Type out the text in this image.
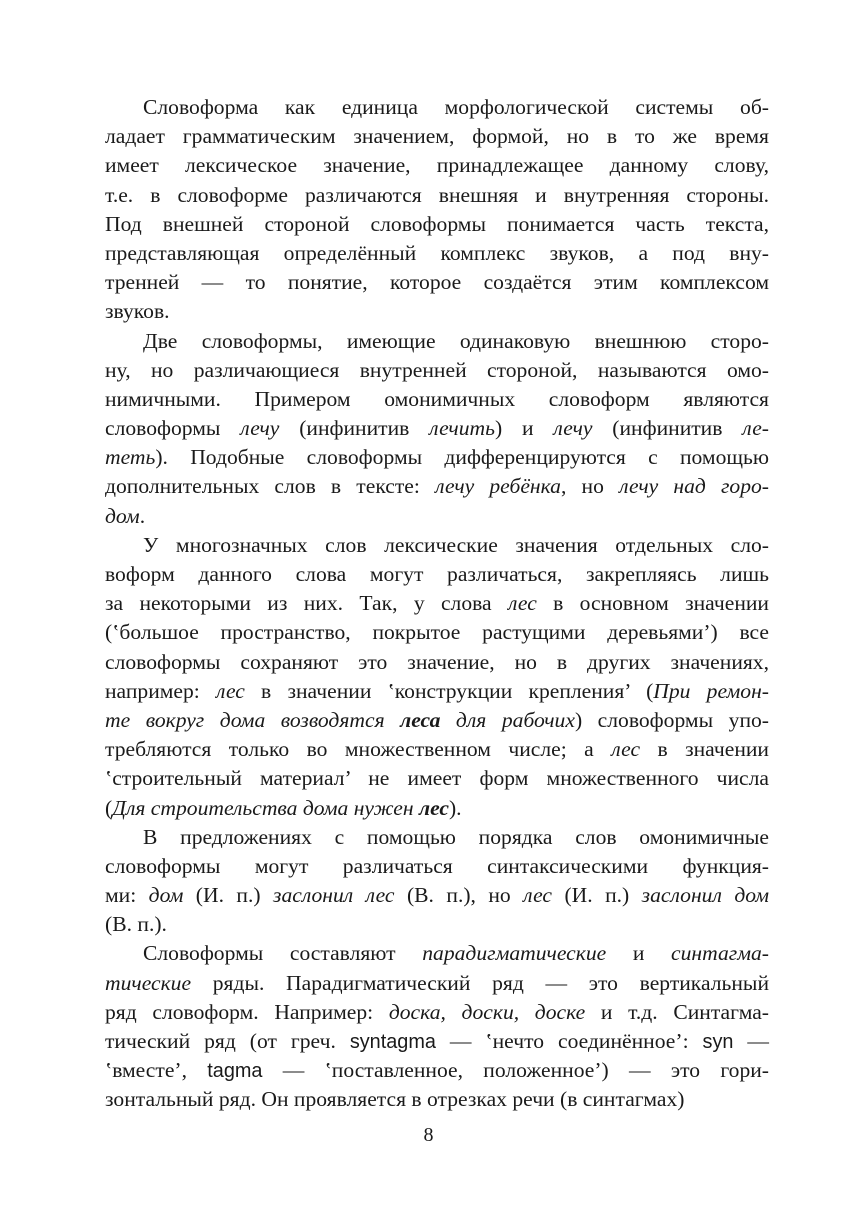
Словоформа как единица морфологической системы об-
ладает грамматическим значением, формой, но в то же время
имеет лексическое значение, принадлежащее данному слову,
т.е. в словоформе различаются внешняя и внутренняя стороны.
Под внешней стороной словоформы понимается часть текста,
представляющая определённый комплекс звуков, а под вну-
тренней — то понятие, которое создаётся этим комплексом
звуков.
Две словоформы, имеющие одинаковую внешнюю сторо-
ну, но различающиеся внутренней стороной, называются омо-
нимичными. Примером омонимичных словоформ являются
словоформы лечу (инфинитив лечить) и лечу (инфинитив ле-
теть). Подобные словоформы дифференцируются с помощью
дополнительных слов в тексте: лечу ребёнка, но лечу над горо-
дом.
У многозначных слов лексические значения отдельных сло-
воформ данного слова могут различаться, закрепляясь лишь
за некоторыми из них. Так, у слова лес в основном значении
(‛большое пространство, покрытое растущими деревьями’) все
словоформы сохраняют это значение, но в других значениях,
например: лес в значении ‛конструкции крепления’ (При ремон-
те вокруг дома возводятся леса для рабочих) словоформы упо-
требляются только во множественном числе; а лес в значении
‛строительный материал’ не имеет форм множественного числа
(Для строительства дома нужен лес).
В предложениях с помощью порядка слов омонимичные
словоформы могут различаться синтаксическими функция-
ми: дом (И. п.) заслонил лес (В. п.), но лес (И. п.) заслонил дом
(В. п.).
Словоформы составляют парадигматические и синтагма-
тические ряды. Парадигматический ряд — это вертикальный
ряд словоформ. Например: доска, доски, доске и т.д. Синтагма-
тический ряд (от греч. syntagma — ‛нечто соединённое’: syn —
‛вместе’, tagma — ‛поставленное, положенное’) — это гори-
зонтальный ряд. Он проявляется в отрезках речи (в синтагмах)
8
